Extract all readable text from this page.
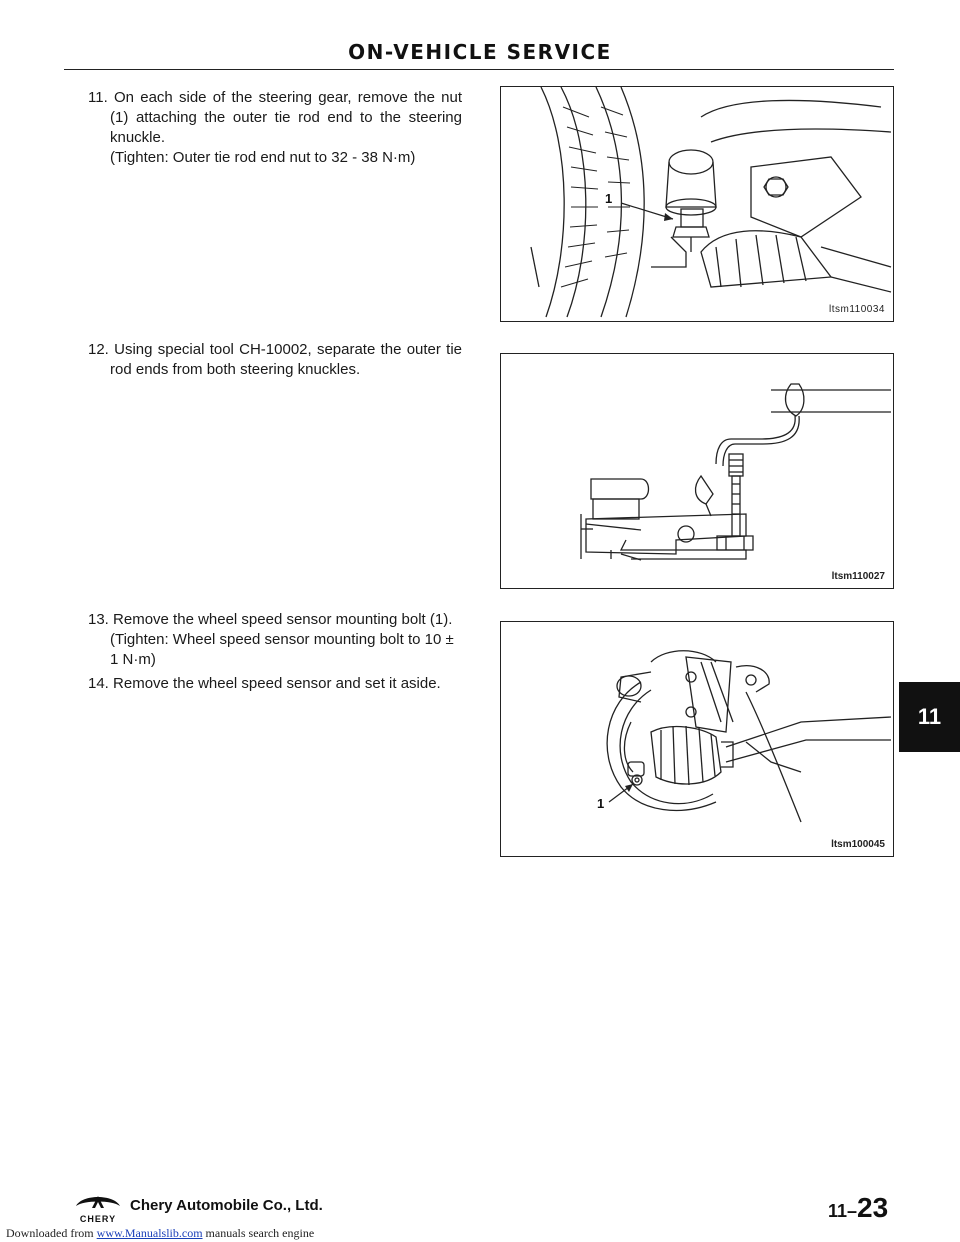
ON-VEHICLE SERVICE
11. On each side of the steering gear, remove the nut (1) attaching the outer tie rod end to the steering knuckle.
(Tighten: Outer tie rod end nut to 32 - 38 N·m)
12. Using special tool CH-10002, separate the outer tie rod ends from both steering knuckles.
13. Remove the wheel speed sensor mounting bolt (1).
(Tighten: Wheel speed sensor mounting bolt to 10 ± 1 N·m)
14. Remove the wheel speed sensor and set it aside.
1
ltsm110034
ltsm110027
1
ltsm100045
11
CHERY
Chery Automobile Co., Ltd.	11–23
Downloaded from www.Manualslib.com manuals search engine
